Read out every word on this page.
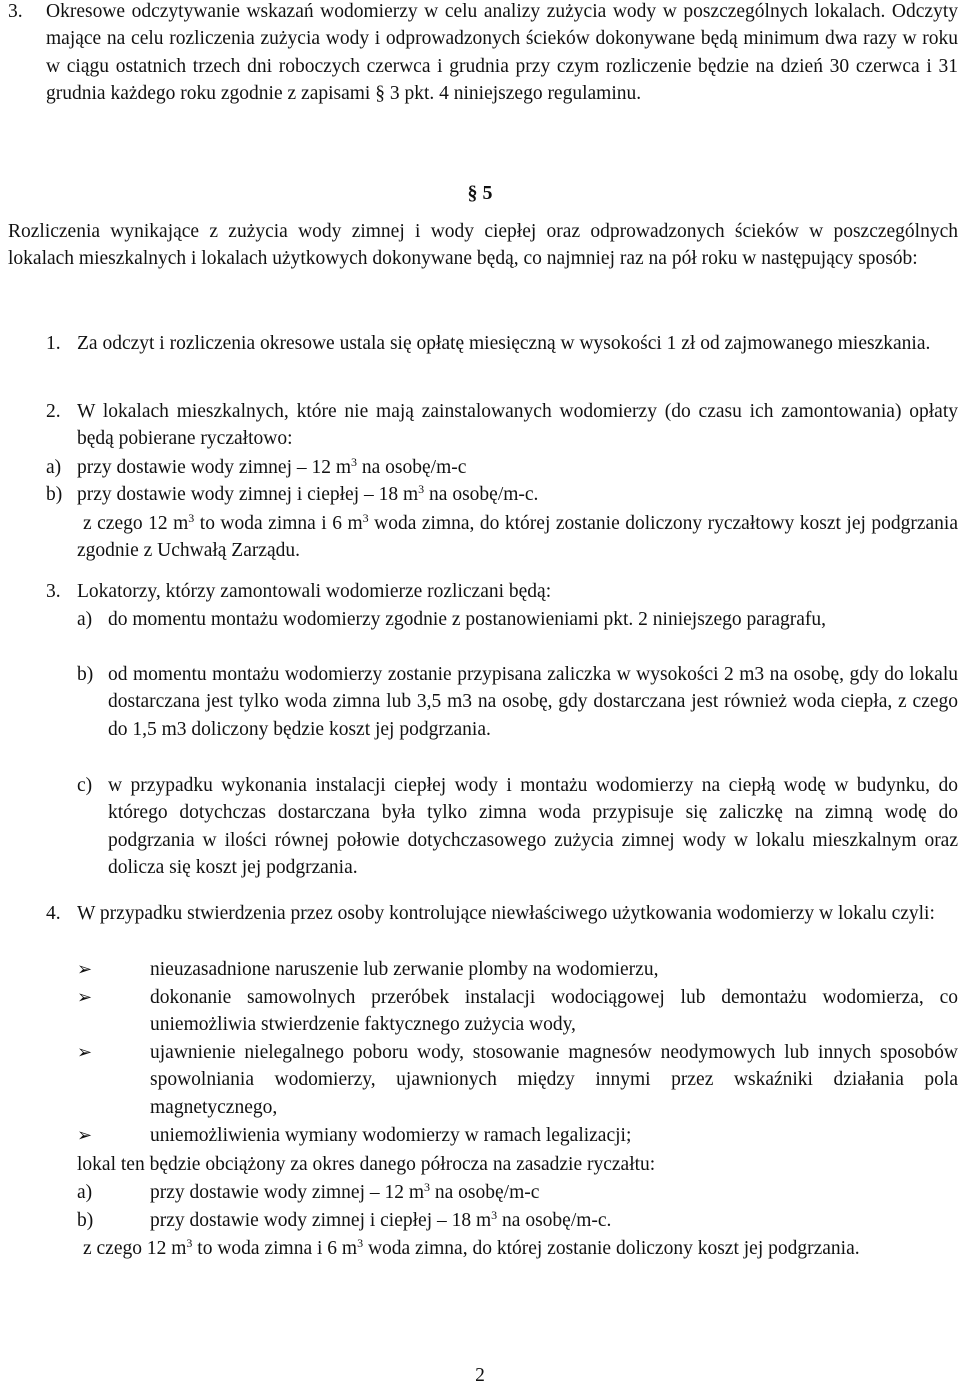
3. Okresowe odczytywanie wskazań wodomierzy w celu analizy zużycia wody w poszczególnych lokalach. Odczyty mające na celu rozliczenia zużycia wody i odprowadzonych ścieków dokonywane będą minimum dwa razy w roku w ciągu ostatnich trzech dni roboczych czerwca i grudnia przy czym rozliczenie będzie na dzień 30 czerwca i 31 grudnia każdego roku zgodnie z zapisami § 3 pkt. 4 niniejszego regulaminu.
§ 5
Rozliczenia wynikające z zużycia wody zimnej i wody ciepłej oraz odprowadzonych ścieków w poszczególnych lokalach mieszkalnych i lokalach użytkowych dokonywane będą, co najmniej raz na pół roku w następujący sposób:
1. Za odczyt i rozliczenia okresowe ustala się opłatę miesięczną w wysokości 1 zł od zajmowanego mieszkania.
2. W lokalach mieszkalnych, które nie mają zainstalowanych wodomierzy (do czasu ich zamontowania) opłaty będą pobierane ryczałtowo:
a) przy dostawie wody zimnej – 12 $m^3$ na osobę/m-c
b) przy dostawie wody zimnej i ciepłej – 18 $m^3$ na osobę/m-c.
z czego 12 $m^3$ to woda zimna i 6 $m^3$ woda zimna, do której zostanie doliczony ryczałtowy koszt jej podgrzania zgodnie z Uchwałą Zarządu.
3. Lokatorzy, którzy zamontowali wodomierze rozliczani będą:
a) do momentu montażu wodomierzy zgodnie z postanowieniami pkt. 2 niniejszego paragrafu,
b) od momentu montażu wodomierzy zostanie przypisana zaliczka w wysokości 2 m3 na osobę, gdy do lokalu dostarczana jest tylko woda zimna lub 3,5 m3 na osobę, gdy dostarczana jest również woda ciepła, z czego do 1,5 m3 doliczony będzie koszt jej podgrzania.
c) w przypadku wykonania instalacji ciepłej wody i montażu wodomierzy na ciepłą wodę w budynku, do którego dotychczas dostarczana była tylko zimna woda przypisuje się zaliczkę na zimną wodę do podgrzania w ilości równej połowie dotychczasowego zużycia zimnej wody w lokalu mieszkalnym oraz dolicza się koszt jej podgrzania.
4. W przypadku stwierdzenia przez osoby kontrolujące niewłaściwego użytkowania wodomierzy w lokalu czyli:
➢	nieuzasadnione naruszenie lub zerwanie plomby na wodomierzu,
➢	dokonanie samowolnych przeróbek instalacji wodociągowej lub demontażu wodomierza, co uniemożliwia stwierdzenie faktycznego zużycia wody,
➢	ujawnienie nielegalnego poboru wody, stosowanie magnesów neodymowych lub innych sposobów spowolniania wodomierzy, ujawnionych między innymi przez wskaźniki działania pola magnetycznego,
➢	uniemożliwienia wymiany wodomierzy w ramach legalizacji;
lokal ten będzie obciążony za okres danego półrocza na zasadzie ryczałtu:
a)	przy dostawie wody zimnej – 12 $m^3$ na osobę/m-c
b)	przy dostawie wody zimnej i ciepłej – 18 $m^3$ na osobę/m-c.
z czego 12 $m^3$ to woda zimna i 6 $m^3$ woda zimna, do której zostanie doliczony koszt jej podgrzania.
2
